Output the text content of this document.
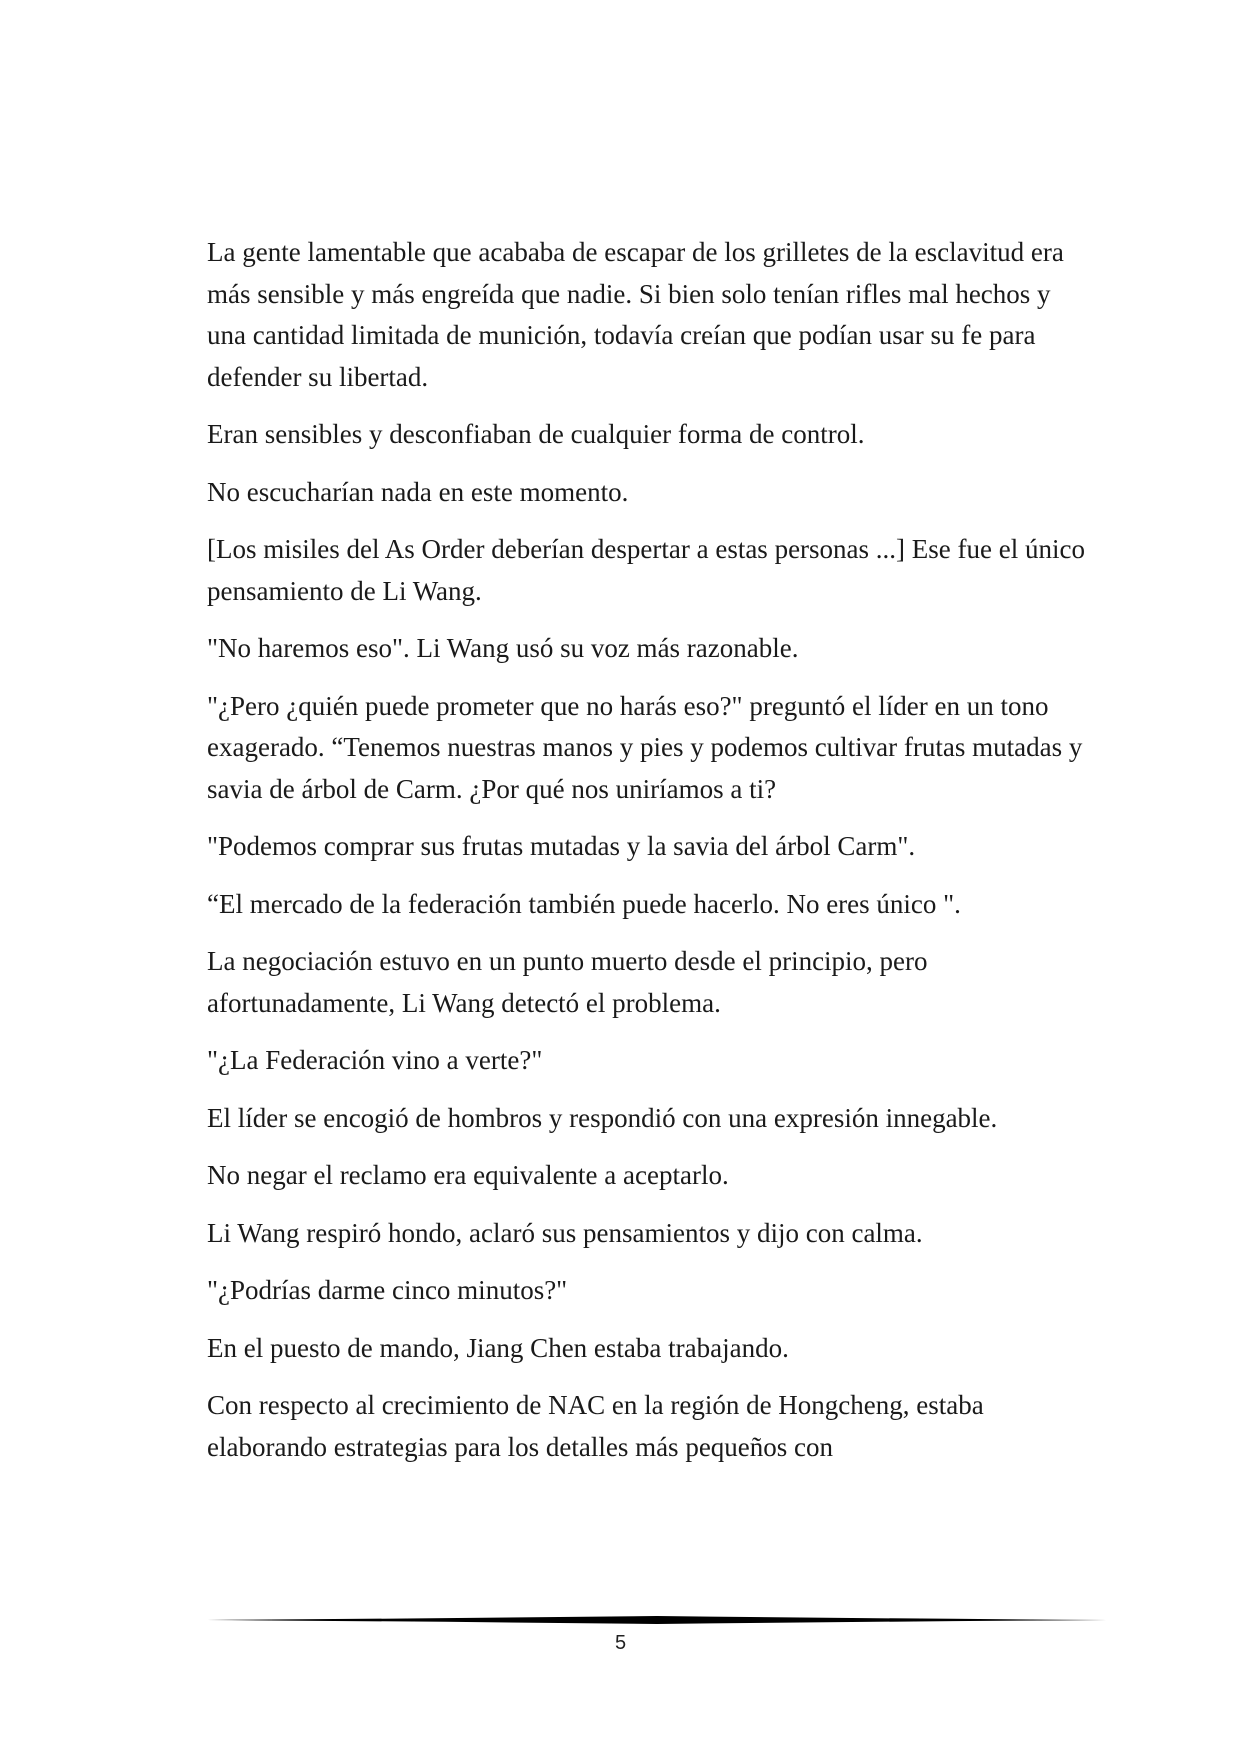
La gente lamentable que acababa de escapar de los grilletes de la esclavitud era más sensible y más engreída que nadie. Si bien solo tenían rifles mal hechos y una cantidad limitada de munición, todavía creían que podían usar su fe para defender su libertad.

Eran sensibles y desconfiaban de cualquier forma de control.

No escucharían nada en este momento.

[Los misiles del As Order deberían despertar a estas personas ...] Ese fue el único pensamiento de Li Wang.

"No haremos eso". Li Wang usó su voz más razonable.

"¿Pero ¿quién puede prometer que no harás eso?" preguntó el líder en un tono exagerado. “Tenemos nuestras manos y pies y podemos cultivar frutas mutadas y savia de árbol de Carm. ¿Por qué nos uniríamos a ti?

"Podemos comprar sus frutas mutadas y la savia del árbol Carm".

“El mercado de la federación también puede hacerlo. No eres único ".

La negociación estuvo en un punto muerto desde el principio, pero afortunadamente, Li Wang detectó el problema.

"¿La Federación vino a verte?"

El líder se encogió de hombros y respondió con una expresión innegable.

No negar el reclamo era equivalente a aceptarlo.

Li Wang respiró hondo, aclaró sus pensamientos y dijo con calma.

"¿Podrías darme cinco minutos?"

En el puesto de mando, Jiang Chen estaba trabajando.

Con respecto al crecimiento de NAC en la región de Hongcheng, estaba elaborando estrategias para los detalles más pequeños con

5
